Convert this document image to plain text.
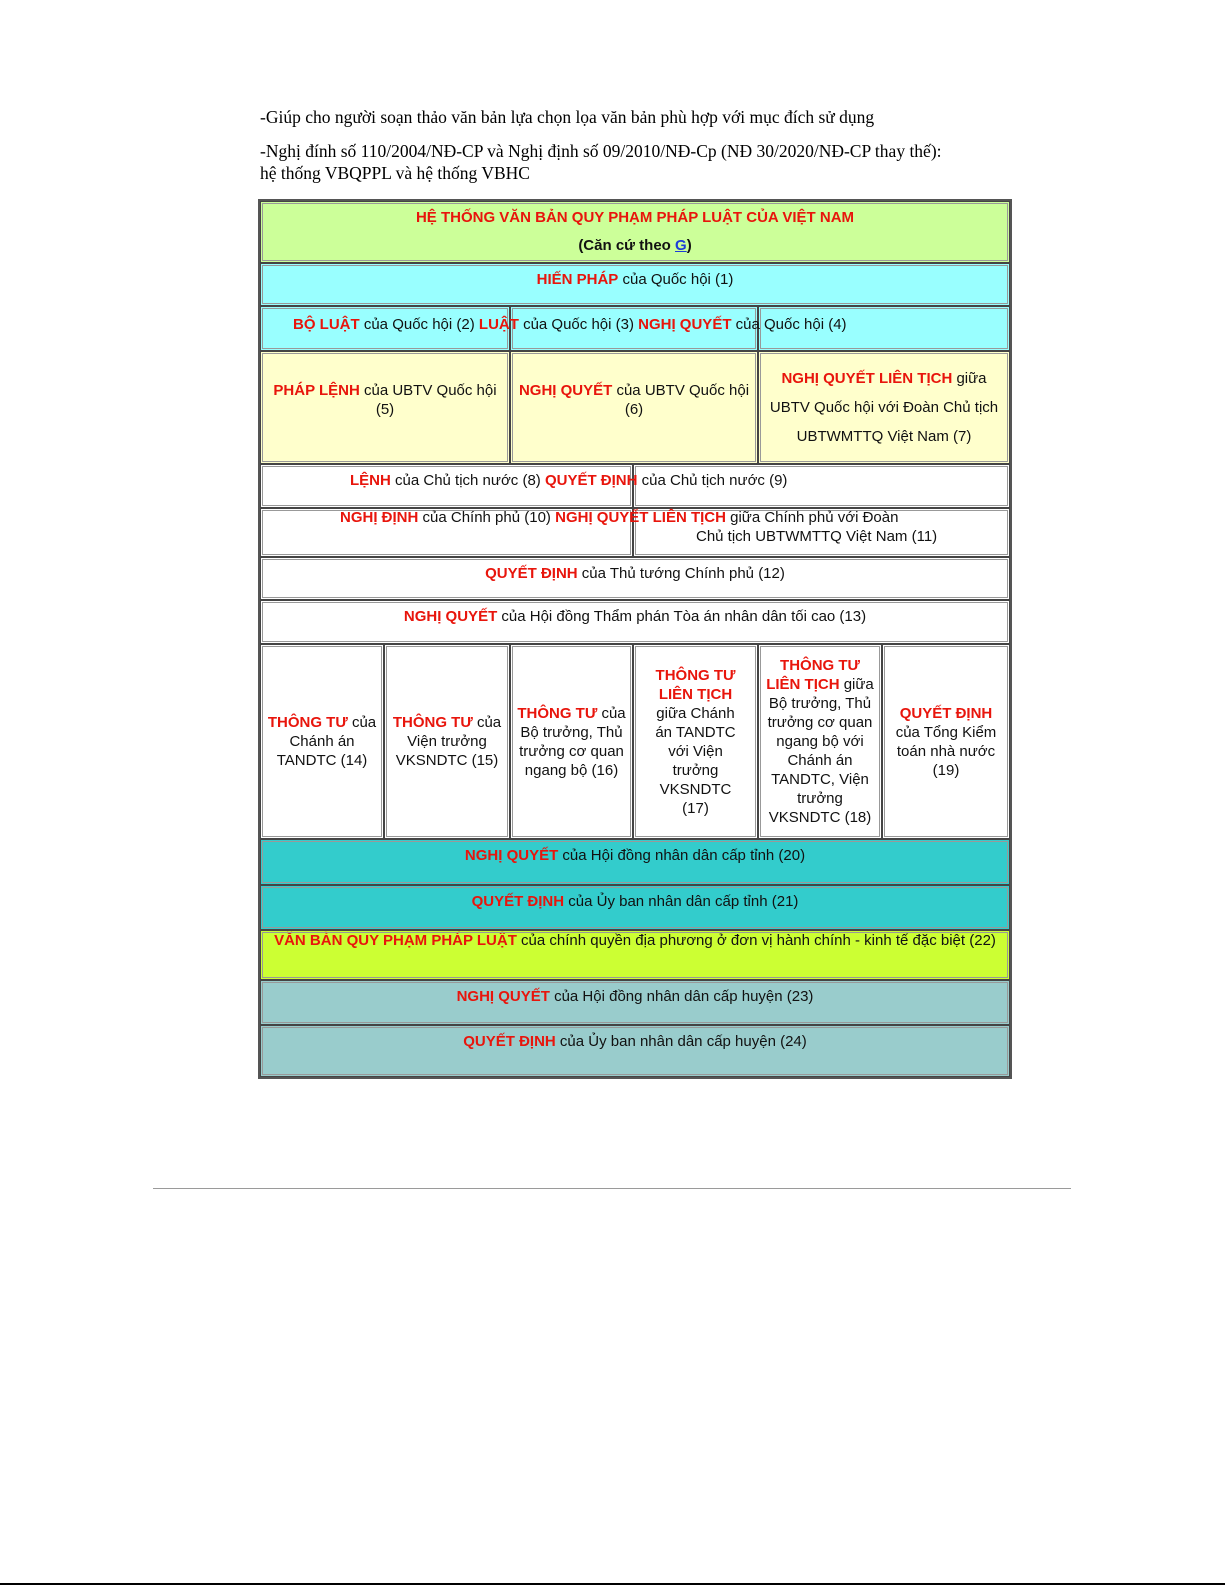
-Giúp cho người soạn thảo văn bản lựa chọn lọa văn bản phù hợp với mục đích sử dụng
-Nghị đính số 110/2004/NĐ-CP và Nghị định số 09/2010/NĐ-Cp (NĐ 30/2020/NĐ-CP thay thế): hệ thống VBQPPL và hệ thống VBHC
HỆ THỐNG VĂN BẢN QUY PHẠM PHÁP LUẬT CỦA VIỆT NAM
(Căn cứ theo G)
HIẾN PHÁP của Quốc hội (1)
BỘ LUẬT của Quốc hội (2) LUẬT của Quốc hội (3) NGHỊ QUYẾT của Quốc hội (4)
PHÁP LỆNH của UBTV Quốc hội (5)
NGHỊ QUYẾT của UBTV Quốc hội (6)
NGHỊ QUYẾT LIÊN TỊCH giữa UBTV Quốc hội với Đoàn Chủ tịch UBTWMTTQ Việt Nam (7)
LỆNH của Chủ tịch nước (8) QUYẾT ĐỊNH của Chủ tịch nước (9)
NGHỊ ĐỊNH của Chính phủ (10) NGHỊ QUYẾT LIÊN TỊCH giữa Chính phủ với Đoàn
Chủ tịch UBTWMTTQ Việt Nam (11)
QUYẾT ĐỊNH của Thủ tướng Chính phủ (12)
NGHỊ QUYẾT của Hội đồng Thẩm phán Tòa án nhân dân tối cao (13)
THÔNG TƯ của Chánh án TANDTC (14)
THÔNG TƯ của Viện trưởng VKSNDTC (15)
THÔNG TƯ của Bộ trưởng, Thủ trưởng cơ quan ngang bộ (16)
THÔNG TƯ LIÊN TỊCH giữa Chánh án TANDTC với Viện trưởng VKSNDTC (17)
THÔNG TƯ LIÊN TỊCH giữa Bộ trưởng, Thủ trưởng cơ quan ngang bộ với Chánh án TANDTC, Viện trưởng VKSNDTC (18)
QUYẾT ĐỊNH của Tổng Kiểm toán nhà nước (19)
NGHỊ QUYẾT của Hội đồng nhân dân cấp tỉnh (20)
QUYẾT ĐỊNH của Ủy ban nhân dân cấp tỉnh (21)
VĂN BẢN QUY PHẠM PHÁP LUẬT của chính quyền địa phương ở đơn vị hành chính - kinh tế đặc biệt (22)
NGHỊ QUYẾT của Hội đồng nhân dân cấp huyện (23)
QUYẾT ĐỊNH của Ủy ban nhân dân cấp huyện (24)
